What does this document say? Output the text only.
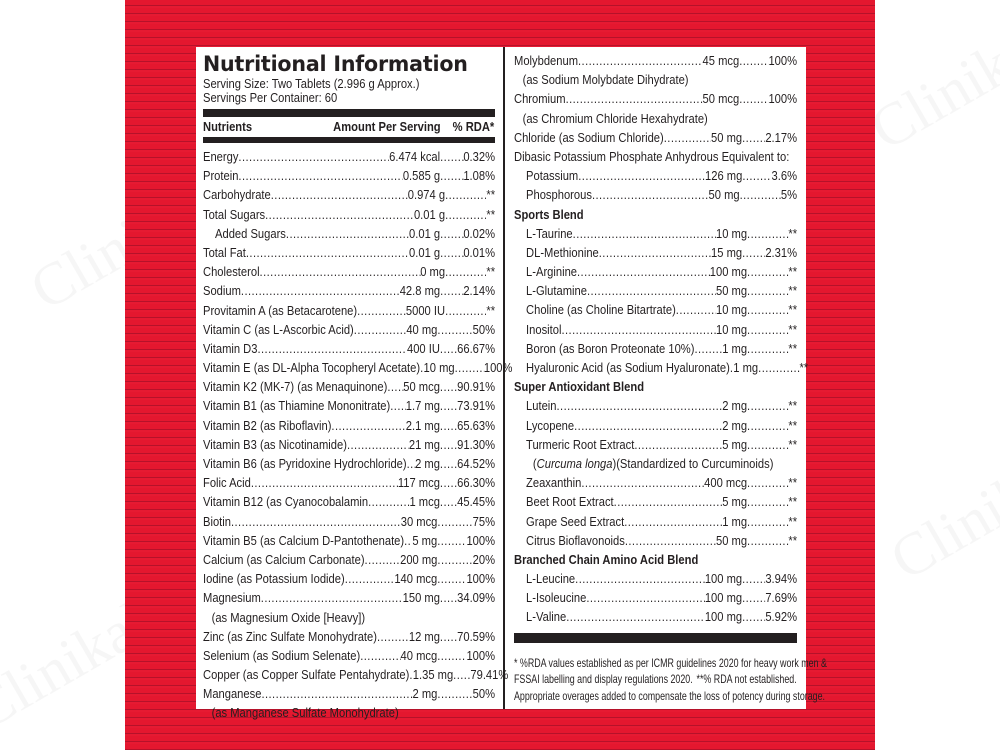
Nutritional Information
Serving Size: Two Tablets (2.996 g Approx.)
Servings Per Container: 60
Nutrients	Amount Per Serving % RDA*
Energy .....	6.474 kcal ..... 0.32%
Protein .....	0.585 g ..... 1.08%
Carbohydrate .....	0.974 g .....	**
Total Sugars .....	0.01 g .....	**
Added Sugars .....	0.01 g ..... 0.02%
Total Fat .....	0.01 g ..... 0.01%
Cholesterol .....	0 mg .....	**
Sodium .....	42.8 mg ..... 2.14%
Provitamin A (as Betacarotene) .....	5000 IU .....	**
Vitamin C (as L-Ascorbic Acid) .....	40 mg .....	50%
Vitamin D3 .....	400 IU ..... 66.67%
Vitamin E (as DL-Alpha Tocopheryl Acetate) ..... 10 mg ..... 100%
Vitamin K2 (MK-7) (as Menaquinone) ..... 50 mcg ..... 90.91%
Vitamin B1 (as Thiamine Mononitrate) ..... 1.7 mg ..... 73.91%
Vitamin B2 (as Riboflavin) .....	2.1 mg ..... 65.63%
Vitamin B3 (as Nicotinamide) .....	21 mg ..... 91.30%
Vitamin B6 (as Pyridoxine Hydrochloride) ..... 2 mg ..... 64.52%
Folic Acid .....	117 mcg ..... 66.30%
Vitamin B12 (as Cyanocobalamin .....	1 mcg ..... 45.45%
Biotin .....	30 mcg .....	75%
Vitamin B5 (as Calcium D-Pantothenate) ..... 5 mg ..... 100%
Calcium (as Calcium Carbonate) .....	200 mg .....	20%
Iodine (as Potassium Iodide) .....	140 mcg ..... 100%
Magnesium .....	150 mg ..... 34.09%
(as Magnesium Oxide [Heavy])
Zinc (as Zinc Sulfate Monohydrate) ..... 12 mg ..... 70.59%
Selenium (as Sodium Selenate) .....	40 mcg ..... 100%
Copper (as Copper Sulfate Pentahydrate) ..... 1.35 mg ..... 79.41%
Manganese .....	2 mg .....	50%
(as Manganese Sulfate Monohydrate)
Molybdenum .....	45 mcg ..... 100%
(as Sodium Molybdate Dihydrate)
Chromium .....	50 mcg ..... 100%
(as Chromium Chloride Hexahydrate)
Chloride (as Sodium Chloride) .....	50 mg ..... 2.17%
Dibasic Potassium Phosphate Anhydrous Equivalent to:
Potassium .....	126 mg ..... 3.6%
Phosphorous .....	50 mg .....	5%
Sports Blend
L-Taurine .....	10 mg .....	**
DL-Methionine .....	15 mg ..... 2.31%
L-Arginine .....	100 mg .....	**
L-Glutamine .....	50 mg .....	**
Choline (as Choline Bitartrate) .....	10 mg .....	**
Inositol .....	10 mg .....	**
Boron (as Boron Proteonate 10%) ..... 1 mg .....	**
Hyaluronic Acid (as Sodium Hyaluronate) ..... 1 mg .....	**
Super Antioxidant Blend
Lutein .....	2 mg .....	**
Lycopene .....	2 mg .....	**
Turmeric Root Extract .....	5 mg .....	**
(Curcuma longa)(Standardized to Curcuminoids)
Zeaxanthin .....	400 mcg .....	**
Beet Root Extract .....	5 mg .....	**
Grape Seed Extract .....	1 mg .....	**
Citrus Bioflavonoids .....	50 mg .....	**
Branched Chain Amino Acid Blend
L-Leucine .....	100 mg ..... 3.94%
L-Isoleucine .....	100 mg ..... 7.69%
L-Valine .....	100 mg ..... 5.92%
* %RDA values established as per ICMR guidelines 2020 for heavy work men &
FSSAI labelling and display regulations 2020. **% RDA not established.
Appropriate overages added to compensate the loss of potency during storage.
